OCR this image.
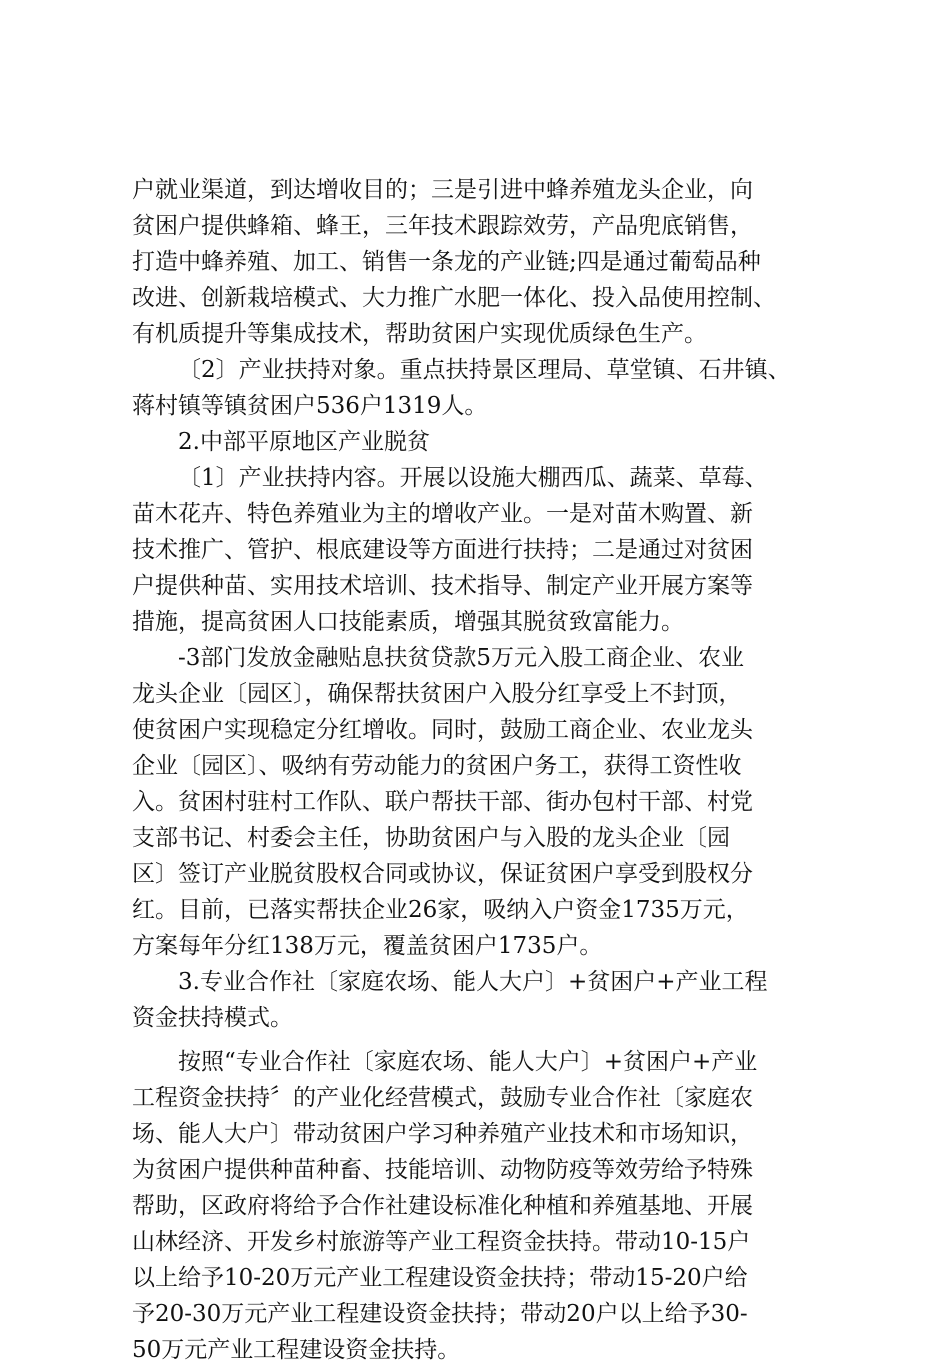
户就业渠道，到达增收目的；三是引进中蜂养殖龙头企业，向
贫困户提供蜂箱、蜂王，三年技术跟踪效劳，产品兜底销售，
打造中蜂养殖、加工、销售一条龙的产业链;四是通过葡萄品种
改进、创新栽培模式、大力推广水肥一体化、投入品使用控制、
有机质提升等集成技术，帮助贫困户实现优质绿色生产。
〔2〕产业扶持对象。重点扶持景区理局、草堂镇、石井镇、
蒋村镇等镇贫困户536户1319人。
2.中部平原地区产业脱贫
〔1〕产业扶持内容。开展以设施大棚西瓜、蔬菜、草莓、
苗木花卉、特色养殖业为主的增收产业。一是对苗木购置、新
技术推广、管护、根底建设等方面进行扶持；二是通过对贫困
户提供种苗、实用技术培训、技术指导、制定产业开展方案等
措施，提高贫困人口技能素质，增强其脱贫致富能力。
-3部门发放金融贴息扶贫贷款5万元入股工商企业、农业
龙头企业〔园区〕，确保帮扶贫困户入股分红享受上不封顶，
使贫困户实现稳定分红增收。同时，鼓励工商企业、农业龙头
企业〔园区〕、吸纳有劳动能力的贫困户务工，获得工资性收
入。贫困村驻村工作队、联户帮扶干部、街办包村干部、村党
支部书记、村委会主任，协助贫困户与入股的龙头企业〔园
区〕签订产业脱贫股权合同或协议，保证贫困户享受到股权分
红。目前，已落实帮扶企业26家，吸纳入户资金1735万元，
方案每年分红138万元，覆盖贫困户1735户。
3.专业合作社〔家庭农场、能人大户〕+贫困户+产业工程
资金扶持模式。
按照“专业合作社〔家庭农场、能人大户〕+贫困户+产业
工程资金扶持〞的产业化经营模式，鼓励专业合作社〔家庭农
场、能人大户〕带动贫困户学习种养殖产业技术和市场知识，
为贫困户提供种苗种畜、技能培训、动物防疫等效劳给予特殊
帮助，区政府将给予合作社建设标准化种植和养殖基地、开展
山林经济、开发乡村旅游等产业工程资金扶持。带动10-15户
以上给予10-20万元产业工程建设资金扶持；带动15-20户给
予20-30万元产业工程建设资金扶持；带动20户以上给予30-
50万元产业工程建设资金扶持。
